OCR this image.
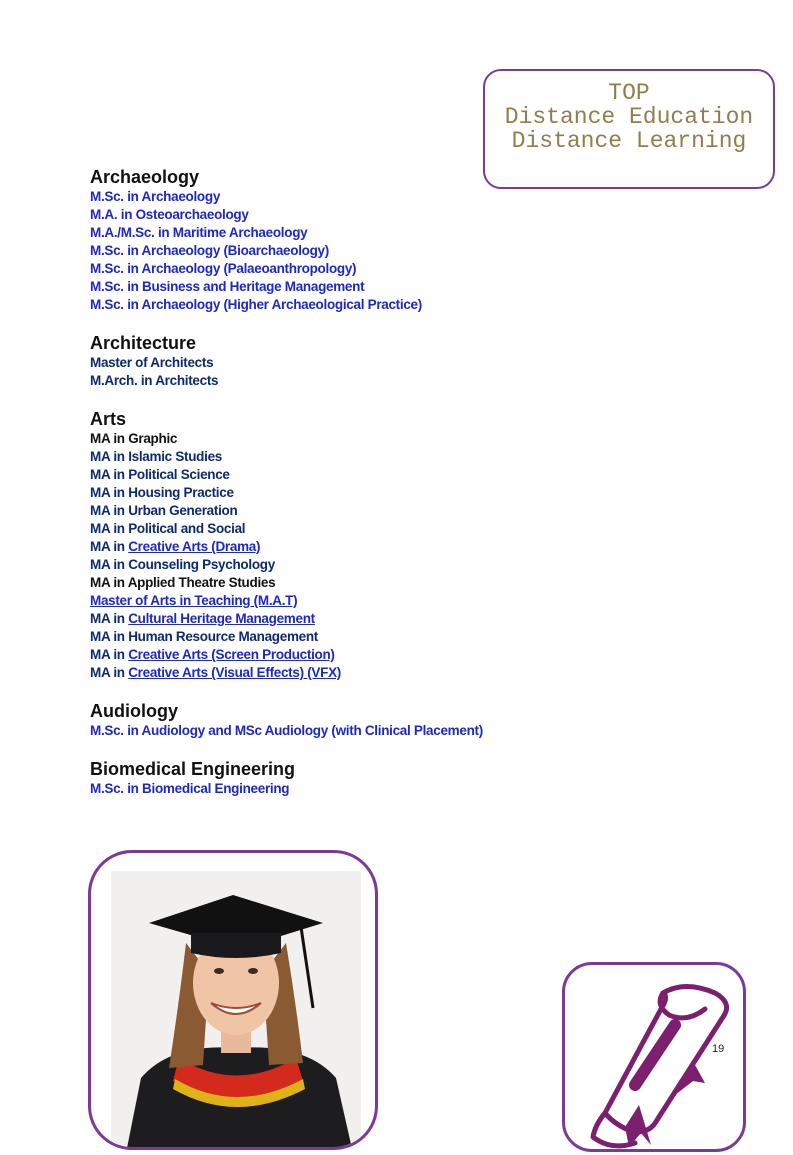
TOP
Distance Education
Distance Learning
Archaeology
M.Sc. in Archaeology
M.A. in Osteoarchaeology
M.A./M.Sc. in Maritime Archaeology
M.Sc. in Archaeology (Bioarchaeology)
M.Sc. in Archaeology (Palaeoanthropology)
M.Sc. in Business and Heritage Management
M.Sc. in Archaeology (Higher Archaeological Practice)
Architecture
Master of Architects
M.Arch. in Architects
Arts
MA in Graphic
MA in Islamic Studies
MA in Political Science
MA in Housing Practice
MA in Urban Generation
MA in Political and Social
MA in Creative Arts (Drama)
MA in Counseling Psychology
MA in Applied Theatre Studies
Master of Arts in Teaching (M.A.T)
MA in Cultural Heritage Management
MA in Human Resource Management
MA in Creative Arts (Screen Production)
MA in Creative Arts (Visual Effects) (VFX)
Audiology
M.Sc. in Audiology and MSc Audiology (with Clinical Placement)
Biomedical Engineering
M.Sc. in Biomedical Engineering
19
